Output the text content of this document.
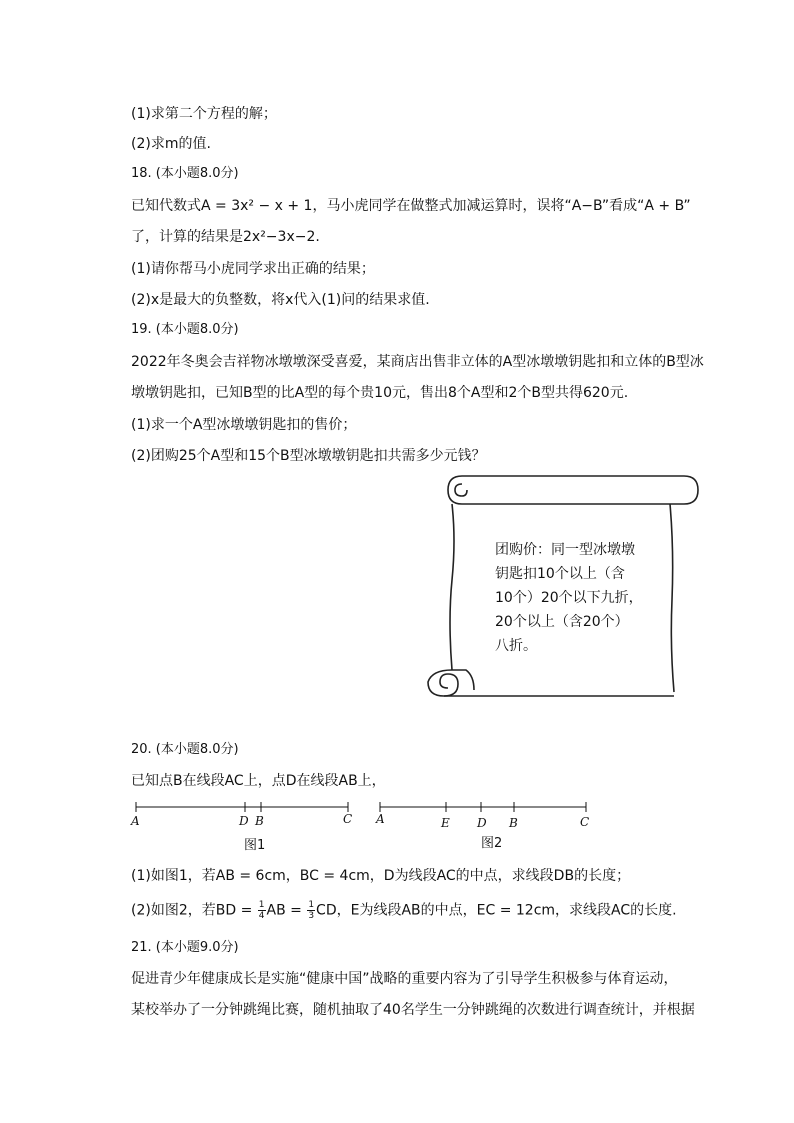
(1)求第二个方程的解；
(2)求m的值.
18. (本小题8.0分)
已知代数式A = 3x² − x + 1，马小虎同学在做整式加减运算时，误将“A−B”看成“A + B”
了，计算的结果是2x²−3x−2.
(1)请你帮马小虎同学求出正确的结果；
(2)x是最大的负整数，将x代入(1)问的结果求值.
19. (本小题8.0分)
2022年冬奥会吉祥物冰墩墩深受喜爱，某商店出售非立体的A型冰墩墩钥匙扣和立体的B型冰
墩墩钥匙扣，已知B型的比A型的每个贵10元，售出8个A型和2个B型共得620元.
(1)求一个A型冰墩墩钥匙扣的售价；
(2)团购25个A型和15个B型冰墩墩钥匙扣共需多少元钱？
团购价：同一型冰墩墩
钥匙扣10个以上（含
10个）20个以下九折，
20个以上（含20个）
八折。
20. (本小题8.0分)
已知点B在线段AC上，点D在线段AB上，
A	D B	C
图1
A	E D B	C
图2
(1)如图1，若AB = 6cm，BC = 4cm，D为线段AC的中点，求线段DB的长度；
(2)如图2，若BD = $\frac{1}{4}$ AB = $\frac{1}{3}$ CD，E为线段AB的中点，EC = 12cm，求线段AC的长度.
21. (本小题9.0分)
促进青少年健康成长是实施“健康中国”战略的重要内容为了引导学生积极参与体育运动，
某校举办了一分钟跳绳比赛，随机抽取了40名学生一分钟跳绳的次数进行调查统计，并根据
